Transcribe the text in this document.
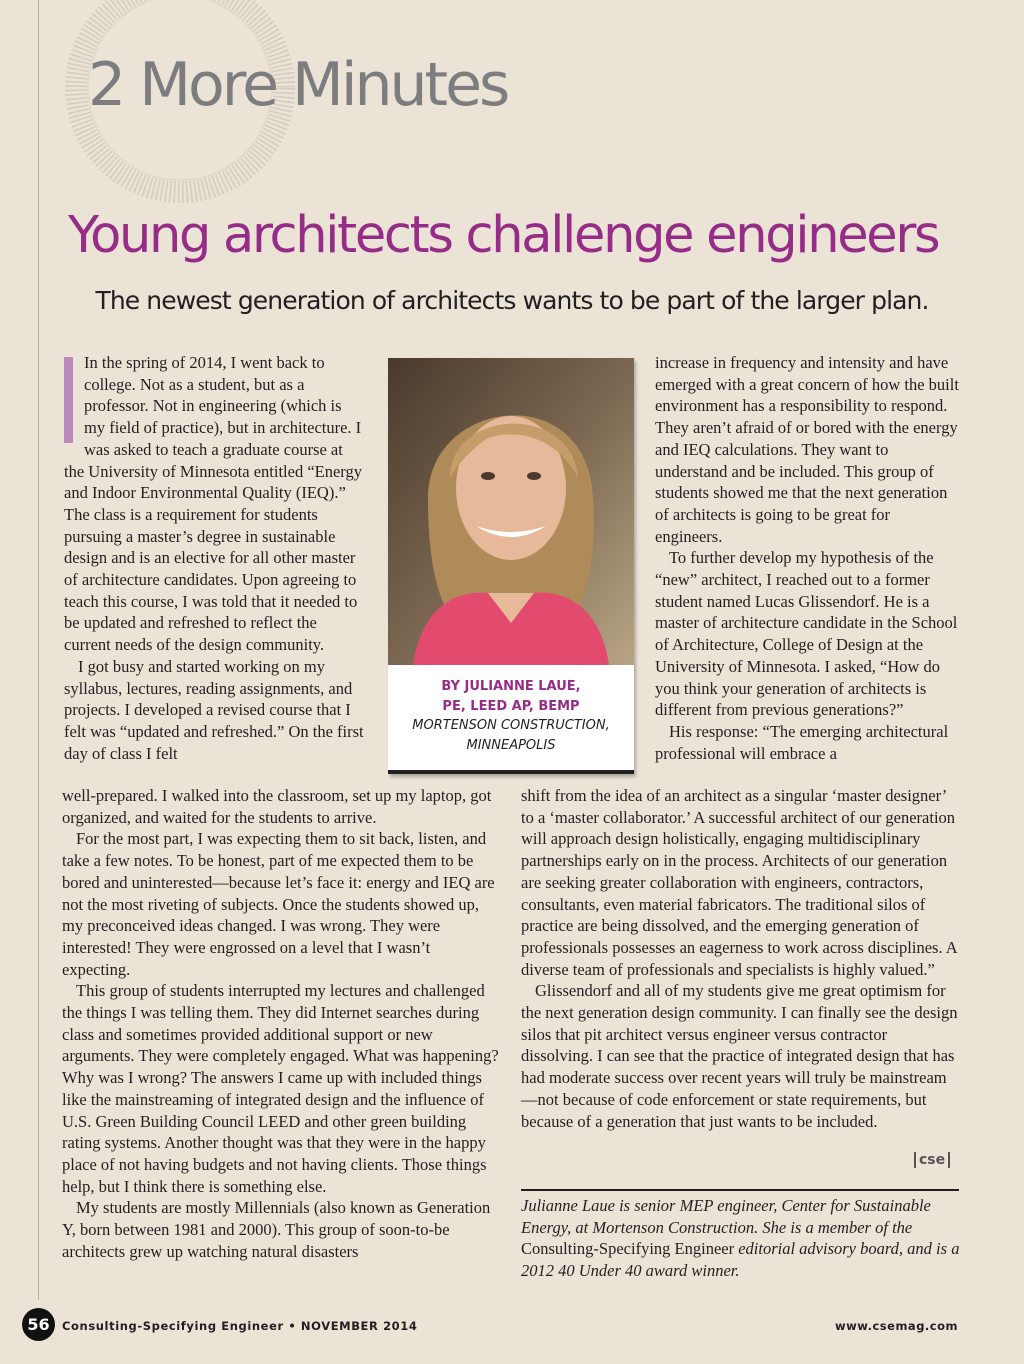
2 More Minutes
Young architects challenge engineers

The newest generation of architects wants to be part of the larger plan.

In the spring of 2014, I went back to college. Not as a student, but as a professor. Not in engineering (which is my field of practice), but in architecture. I was asked to teach a graduate course at the University of Minnesota entitled “Energy and Indoor Environmental Quality (IEQ).” The class is a requirement for students pursuing a master’s degree in sustainable design and is an elective for all other master of architecture candidates. Upon agreeing to teach this course, I was told that it needed to be updated and refreshed to reflect the current needs of the design community.

I got busy and started working on my syllabus, lectures, reading assignments, and projects. I developed a revised course that I felt was “updated and refreshed.” On the first day of class I felt

well-prepared. I walked into the classroom, set up my laptop, got organized, and waited for the students to arrive.

For the most part, I was expecting them to sit back, listen, and take a few notes. To be honest, part of me expected them to be bored and uninterested—because let’s face it: energy and IEQ are not the most riveting of subjects. Once the students showed up, my preconceived ideas changed. I was wrong. They were interested! They were engrossed on a level that I wasn’t expecting.

This group of students interrupted my lectures and challenged the things I was telling them. They did Internet searches during class and sometimes provided additional support or new arguments. They were completely engaged. What was happening? Why was I wrong? The answers I came up with included things like the mainstreaming of integrated design and the influence of U.S. Green Building Council LEED and other green building rating systems. Another thought was that they were in the happy place of not having budgets and not having clients. Those things help, but I think there is something else.

My students are mostly Millennials (also known as Generation Y, born between 1981 and 2000). This group of soon-to-be architects grew up watching natural disasters

BY JULIANNE LAUE,
PE, LEED AP, BEMP
MORTENSON CONSTRUCTION,
MINNEAPOLIS

increase in frequency and intensity and have emerged with a great concern of how the built environment has a responsibility to respond. They aren’t afraid of or bored with the energy and IEQ calculations. They want to understand and be included. This group of students showed me that the next generation of architects is going to be great for engineers.

To further develop my hypothesis of the “new” architect, I reached out to a former student named Lucas Glissendorf. He is a master of architecture candidate in the School of Architecture, College of Design at the University of Minnesota. I asked, “How do you think your generation of architects is different from previous generations?”

His response: “The emerging architectural professional will embrace a

shift from the idea of an architect as a singular ‘master designer’ to a ‘master collaborator.’ A successful architect of our generation will approach design holistically, engaging multidisciplinary partnerships early on in the process. Architects of our generation are seeking greater collaboration with engineers, contractors, consultants, even material fabricators. The traditional silos of practice are being dissolved, and the emerging generation of professionals possesses an eagerness to work across disciplines. A diverse team of professionals and specialists is highly valued.”

Glissendorf and all of my students give me great optimism for the next generation design community. I can finally see the design silos that pit architect versus engineer versus contractor dissolving. I can see that the practice of integrated design that has had moderate success over recent years will truly be mainstream—not because of code enforcement or state requirements, but because of a generation that just wants to be included.

cse

Julianne Laue is senior MEP engineer, Center for Sustainable Energy, at Mortenson Construction. She is a member of the Consulting-Specifying Engineer editorial advisory board, and is a 2012 40 Under 40 award winner.

56	Consulting-Specifying Engineer • NOVEMBER 2014	www.csemag.com
